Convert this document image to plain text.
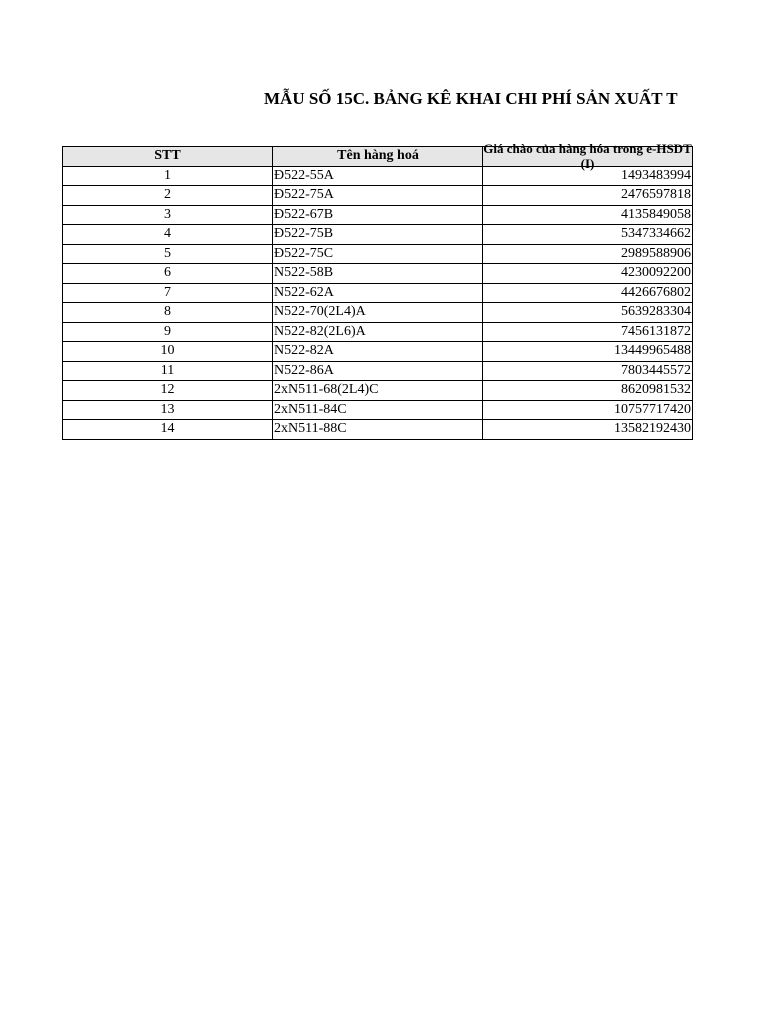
MẪU SỐ 15C. BẢNG KÊ KHAI CHI PHÍ SẢN XUẤT T
STT	Tên hàng hoá	Giá chào của hàng hóa trong e-HSDT (I)

1	Đ522-55A	1493483994
2	Đ522-75A	2476597818
3	Đ522-67B	4135849058
4	Đ522-75B	5347334662
5	Đ522-75C	2989588906
6	N522-58B	4230092200
7	N522-62A	4426676802
8	N522-70(2L4)A	5639283304
9	N522-82(2L6)A	7456131872
10	N522-82A	13449965488
11	N522-86A	7803445572
12	2xN511-68(2L4)C	8620981532
13	2xN511-84C	10757717420
14	2xN511-88C	13582192430
